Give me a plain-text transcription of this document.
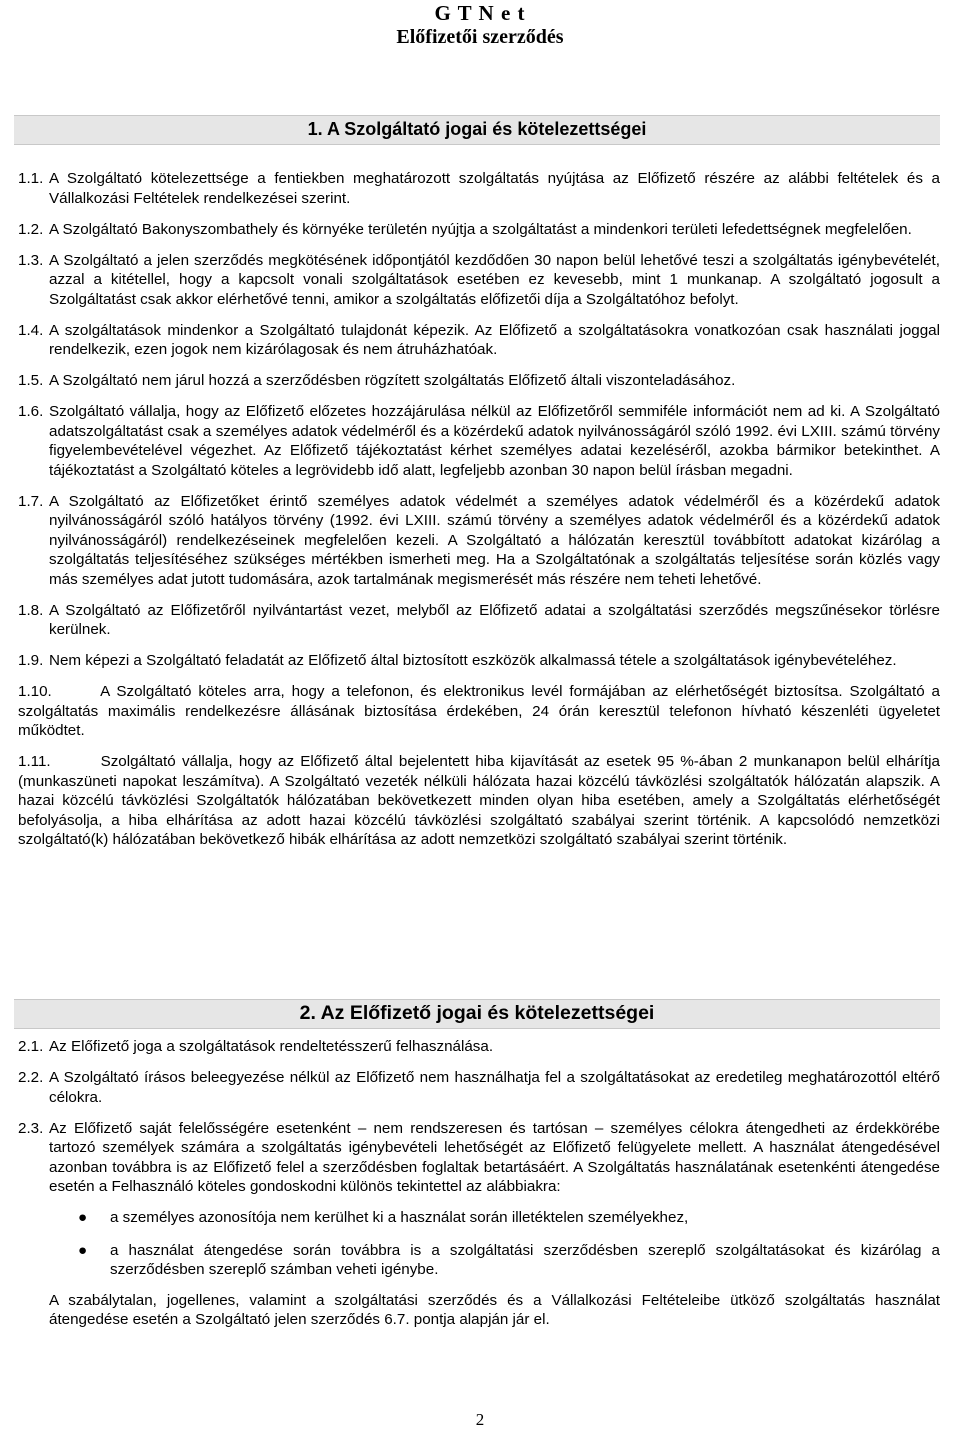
G T N e t
Előfizetői szerződés
1. A Szolgáltató jogai és kötelezettségei
1.1. A Szolgáltató kötelezettsége a fentiekben meghatározott szolgáltatás nyújtása az Előfizető részére az alábbi feltételek és a Vállalkozási Feltételek rendelkezései szerint.
1.2. A Szolgáltató Bakonyszombathely és környéke területén nyújtja a szolgáltatást a mindenkori területi lefedettségnek megfelelően.
1.3. A Szolgáltató a jelen szerződés megkötésének időpontjától kezdődően 30 napon belül lehetővé teszi a szolgáltatás igénybevételét, azzal a kitétellel, hogy a kapcsolt vonali szolgáltatások esetében ez kevesebb, mint 1 munkanap. A szolgáltató jogosult a Szolgáltatást csak akkor elérhetővé tenni, amikor a szolgáltatás előfizetői díja a Szolgáltatóhoz befolyt.
1.4. A szolgáltatások mindenkor a Szolgáltató tulajdonát képezik. Az Előfizető a szolgáltatásokra vonatkozóan csak használati joggal rendelkezik, ezen jogok nem kizárólagosak és nem átruházhatóak.
1.5. A Szolgáltató nem járul hozzá a szerződésben rögzített szolgáltatás Előfizető általi viszonteladásához.
1.6. Szolgáltató vállalja, hogy az Előfizető előzetes hozzájárulása nélkül az Előfizetőről semmiféle információt nem ad ki. A Szolgáltató adatszolgáltatást csak a személyes adatok védelméről és a közérdekű adatok nyilvánosságáról szóló 1992. évi LXIII. számú törvény figyelembevételével végezhet. Az Előfizető tájékoztatást kérhet személyes adatai kezeléséről, azokba bármikor betekinthet. A tájékoztatást a Szolgáltató köteles a legrövidebb idő alatt, legfeljebb azonban 30 napon belül írásban megadni.
1.7. A Szolgáltató az Előfizetőket érintő személyes adatok védelmét a személyes adatok védelméről és a közérdekű adatok nyilvánosságáról szóló hatályos törvény (1992. évi LXIII. számú törvény a személyes adatok védelméről és a közérdekű adatok nyilvánosságáról) rendelkezéseinek megfelelően kezeli. A Szolgáltató a hálózatán keresztül továbbított adatokat kizárólag a szolgáltatás teljesítéséhez szükséges mértékben ismerheti meg. Ha a Szolgáltatónak a szolgáltatás teljesítése során közlés vagy más személyes adat jutott tudomására, azok tartalmának megismerését más részére nem teheti lehetővé.
1.8. A Szolgáltató az Előfizetőről nyilvántartást vezet, melyből az Előfizető adatai a szolgáltatási szerződés megszűnésekor törlésre kerülnek.
1.9. Nem képezi a Szolgáltató feladatát az Előfizető által biztosított eszközök alkalmassá tétele a szolgáltatások igénybevételéhez.
1.10.	A Szolgáltató köteles arra, hogy a telefonon, és elektronikus levél formájában az elérhetőségét biztosítsa. Szolgáltató a szolgáltatás maximális rendelkezésre állásának biztosítása érdekében, 24 órán keresztül telefonon hívható készenléti ügyeletet működtet.
1.11.	Szolgáltató vállalja, hogy az Előfizető által bejelentett hiba kijavítását az esetek 95 %-ában 2 munkanapon belül elhárítja (munkaszüneti napokat leszámítva). A Szolgáltató vezeték nélküli hálózata hazai közcélú távközlési szolgáltatók hálózatán alapszik. A hazai közcélú távközlési Szolgáltatók hálózatában bekövetkezett minden olyan hiba esetében, amely a Szolgáltatás elérhetőségét befolyásolja, a hiba elhárítása az adott hazai közcélú távközlési szolgáltató szabályai szerint történik. A kapcsolódó nemzetközi szolgáltató(k) hálózatában bekövetkező hibák elhárítása az adott nemzetközi szolgáltató szabályai szerint történik.
2. Az Előfizető jogai és kötelezettségei
2.1. Az Előfizető joga a szolgáltatások rendeltetésszerű felhasználása.
2.2. A Szolgáltató írásos beleegyezése nélkül az Előfizető nem használhatja fel a szolgáltatásokat az eredetileg meghatározottól eltérő célokra.
2.3. Az Előfizető saját felelősségére esetenként – nem rendszeresen és tartósan – személyes célokra átengedheti az érdekkörébe tartozó személyek számára a szolgáltatás igénybevételi lehetőségét az Előfizető felügyelete mellett. A használat átengedésével azonban továbbra is az Előfizető felel a szerződésben foglaltak betartásáért. A Szolgáltatás használatának esetenkénti átengedése esetén a Felhasználó köteles gondoskodni különös tekintettel az alábbiakra:
● a személyes azonosítója nem kerülhet ki a használat során illetéktelen személyekhez,
● a használat átengedése során továbbra is a szolgáltatási szerződésben szereplő szolgáltatásokat és kizárólag a szerződésben szereplő számban veheti igénybe.
A szabálytalan, jogellenes, valamint a szolgáltatási szerződés és a Vállalkozási Feltételeibe ütköző szolgáltatás használat átengedése esetén a Szolgáltató jelen szerződés 6.7. pontja alapján jár el.
2
